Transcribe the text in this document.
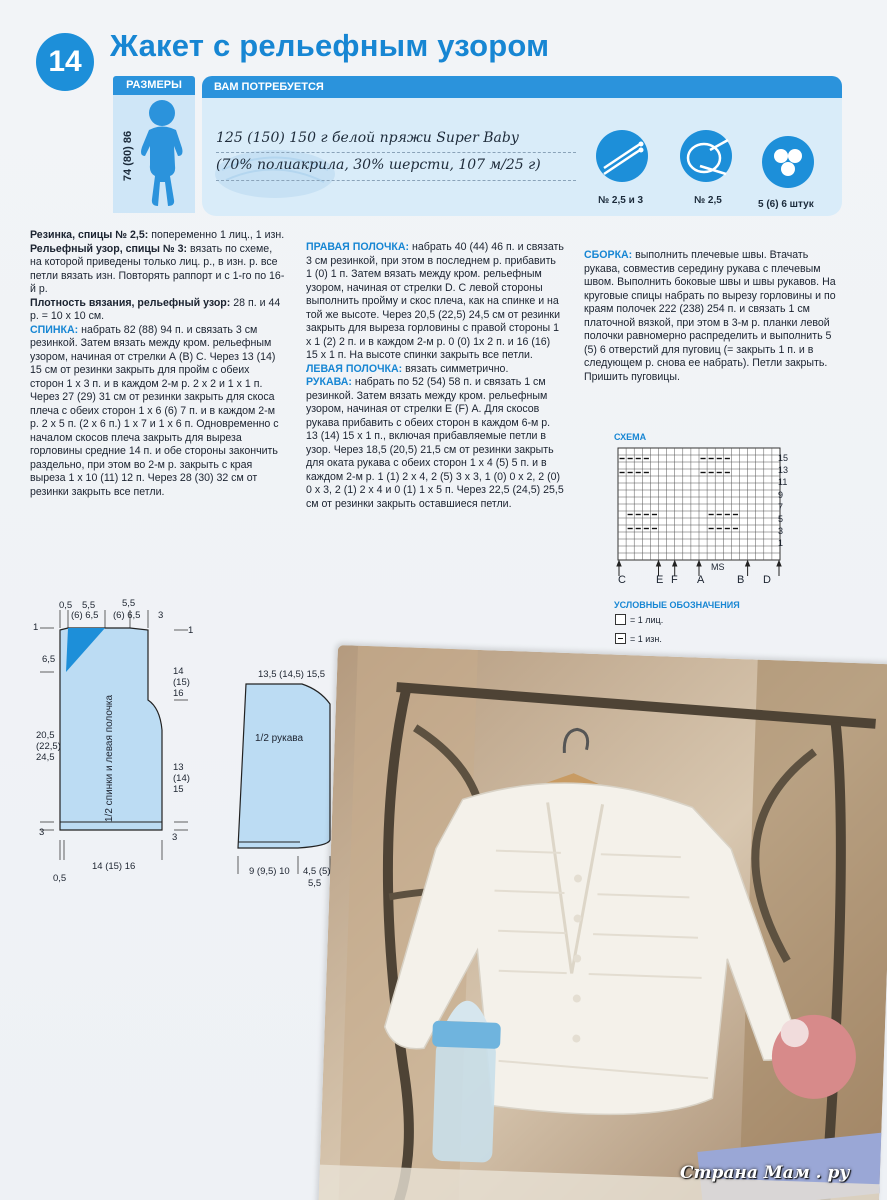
14 Жакет с рельефным узором
РАЗМЕРЫ
74 (80) 86
ВАМ ПОТРЕБУЕТСЯ
125 (150) 150 г белой пряжи Super Baby
(70% полиакрила, 30% шерсти, 107 м/25 г)
№ 2,5 и 3	№ 2,5	5 (6) 6 штук

Резинка, спицы № 2,5: попеременно 1 лиц., 1 изн.

Рельефный узор, спицы № 3: вязать по схеме, на которой приведены только лиц. р., в изн. р. все петли вязать изн. Повторять раппорт и с 1-го по 16-й р.

Плотность вязания, рельефный узор: 28 п. и 44 р. = 10 х 10 см.

СПИНКА: набрать 82 (88) 94 п. и связать 3 см резинкой. Затем вязать между кром. рельефным узором, начиная от стрелки А (В) С. Через 13 (14) 15 см от резинки закрыть для пройм с обеих сторон 1 х 3 п. и в каждом 2-м р. 2 х 2 и 1 х 1 п. Через 27 (29) 31 см от резинки закрыть для скоса плеча с обеих сторон 1 х 6 (6) 7 п. и в каждом 2-м р. 2 х 5 п. (2 х 6 п.) 1 х 7 и 1 х 6 п. Одновременно с началом скосов плеча закрыть для выреза горловины средние 14 п. и обе стороны закончить раздельно, при этом во 2-м р. закрыть с края выреза 1 х 10 (11) 12 п. Через 28 (30) 32 см от резинки закрыть все петли.

ПРАВАЯ ПОЛОЧКА: набрать 40 (44) 46 п. и связать 3 см резинкой, при этом в последнем р. прибавить 1 (0) 1 п. Затем вязать между кром. рельефным узором, начиная от стрелки D. С левой стороны выполнить пройму и скос плеча, как на спинке и на той же высоте. Через 20,5 (22,5) 24,5 см от резинки закрыть для выреза горловины с правой стороны 1 х 1 (2) 2 п. и в каждом 2-м р. 0 (0) 1х 2 п. и 16 (16) 15 х 1 п. На высоте спинки закрыть все петли.

ЛЕВАЯ ПОЛОЧКА: вязать симметрично.

РУКАВА: набрать по 52 (54) 58 п. и связать 1 см резинкой. Затем вязать между кром. рельефным узором, начиная от стрелки Е (F) А. Для скосов рукава прибавить с обеих сторон в каждом 6-м р. 13 (14) 15 х 1 п., включая прибавляемые петли в узор. Через 18,5 (20,5) 21,5 см от резинки закрыть для оката рукава с обеих сторон 1 х 4 (5) 5 п. и в каждом 2-м р. 1 (1) 2 х 4, 2 (5) 3 х 3, 1 (0) 0 х 2, 2 (0) 0 х 3, 2 (1) 2 х 4 и 0 (1) 1 х 5 п. Через 22,5 (24,5) 25,5 см от резинки закрыть оставшиеся петли.

СБОРКА: выполнить плечевые швы. Втачать рукава, совместив середину рукава с плечевым швом. Выполнить боковые швы и швы рукавов. На круговые спицы набрать по вырезу горловины и по краям полочек 222 (238) 254 п. и связать 1 см платочной вязкой, при этом в 3-м р. планки левой полочки равномерно распределить и выполнить 5 (5) 6 отверстий для пуговиц (= закрыть 1 п. и в следующем р. снова ее набрать). Петли закрыть. Пришить пуговицы.

СХЕМА
15
13
11
9
7
5
3
1
C	E F A
MS
B D
УСЛОВНЫЕ ОБОЗНАЧЕНИЯ
= 1 лиц.
= 1 изн.
0,5 5,5
(6) 6,5
5,5
(6) 6,5 3
1
6,5
20,5
(22,5)
24,5
3
1
14
(15)
16
13
(14)
15
3
14 (15) 16
0,5
1/2 спинки и левая полочка
13,5 (14,5) 15,5
1/2 рукава
9 (9,5) 10 4,5 (5)
5,5
Страна Мам . ру
